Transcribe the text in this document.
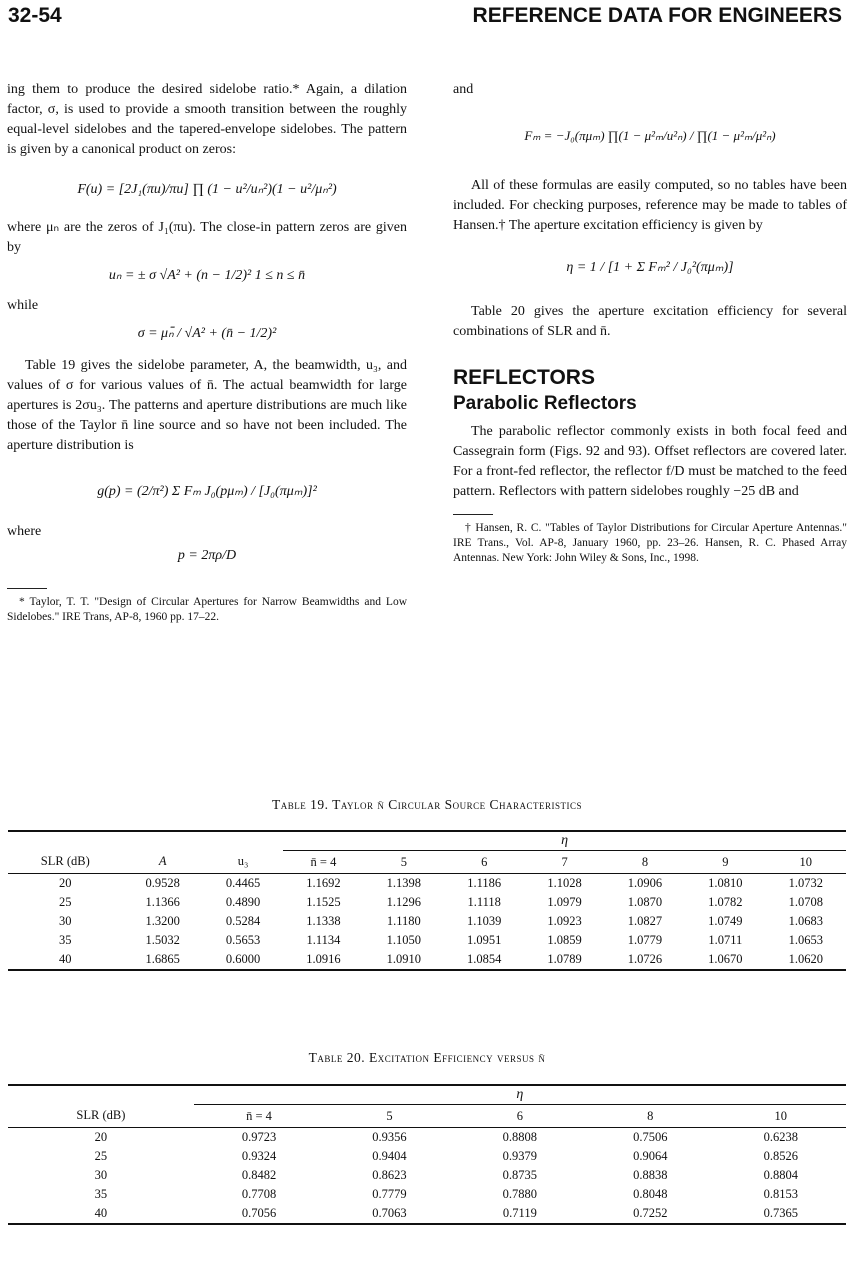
32-54	REFERENCE DATA FOR ENGINEERS

ing them to produce the desired sidelobe ratio.* Again, a dilation factor, σ, is used to provide a smooth transition between the roughly equal-level sidelobes and the tapered-envelope sidelobes. The pattern is given by a canonical product on zeros:

F(u) = [2J₁(πu)/πu] ∏ (1 − u²/uₙ²)(1 − u²/μₙ²)

where μₙ are the zeros of J₁(πu). The close-in pattern zeros are given by

uₙ = ± σ √A² + (n − 1/2)² 1 ≤ n ≤ n̄

while

σ = μₙ̄ / √A² + (n̄ − 1/2)²

Table 19 gives the sidelobe parameter, A, the beamwidth, u₃, and values of σ for various values of n̄. The actual beamwidth for large apertures is 2σu₃. The patterns and aperture distributions are much like those of the Taylor n̄ line source and so have not been included. The aperture distribution is

g(p) = (2/π²) Σ Fₘ J₀(pμₘ) / [J₀(πμₘ)]²

where

p = 2πρ/D

* Taylor, T. T. "Design of Circular Apertures for Narrow Beamwidths and Low Sidelobes." IRE Trans, AP-8, 1960 pp. 17–22.

and

Fₘ = −J₀(πμₘ) ∏(1 − μ²ₘ/u²ₙ) / ∏(1 − μ²ₘ/μ²ₙ)

All of these formulas are easily computed, so no tables have been included. For checking purposes, reference may be made to tables of Hansen.† The aperture excitation efficiency is given by

η = 1 / [1 + Σ Fₘ² / J₀²(πμₘ)]

Table 20 gives the aperture excitation efficiency for several combinations of SLR and n̄.

REFLECTORS

Parabolic Reflectors

The parabolic reflector commonly exists in both focal feed and Cassegrain form (Figs. 92 and 93). Offset reflectors are covered later. For a front-fed reflector, the reflector f/D must be matched to the feed pattern. Reflectors with pattern sidelobes roughly −25 dB and

† Hansen, R. C. "Tables of Taylor Distributions for Circular Aperture Antennas." IRE Trans., Vol. AP-8, January 1960, pp. 23–26. Hansen, R. C. Phased Array Antennas. New York: John Wiley & Sons, Inc., 1998.

Table 19. Taylor n̄ Circular Source Characteristics
			η						
SLR (dB)	A	u₃	n̄ = 4	5	6	7	8	9	10
20	0.9528	0.4465	1.1692	1.1398	1.1186	1.1028	1.0906	1.0810	1.0732
25	1.1366	0.4890	1.1525	1.1296	1.1118	1.0979	1.0870	1.0782	1.0708
30	1.3200	0.5284	1.1338	1.1180	1.1039	1.0923	1.0827	1.0749	1.0683
35	1.5032	0.5653	1.1134	1.1050	1.0951	1.0859	1.0779	1.0711	1.0653
40	1.6865	0.6000	1.0916	1.0910	1.0854	1.0789	1.0726	1.0670	1.0620
Table 20. Excitation Efficiency versus n̄
	η				
SLR (dB)	n̄ = 4	5	6	8	10
20	0.9723	0.9356	0.8808	0.7506	0.6238
25	0.9324	0.9404	0.9379	0.9064	0.8526
30	0.8482	0.8623	0.8735	0.8838	0.8804
35	0.7708	0.7779	0.7880	0.8048	0.8153
40	0.7056	0.7063	0.7119	0.7252	0.7365
